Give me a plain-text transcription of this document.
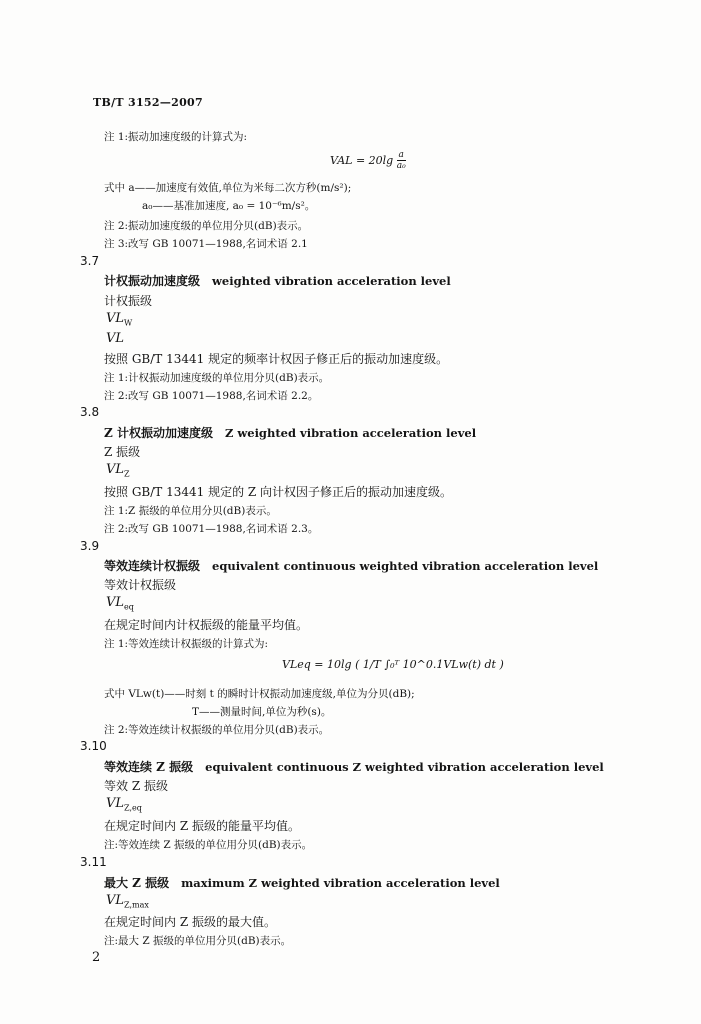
TB/T 3152—2007
注 1:振动加速度级的计算式为:
VAL = $20\lg \frac{a}{\text{a₀}}$
式中 a——加速度有效值,单位为米每二次方秒(m/s²);
a₀——基准加速度, a₀ = 10⁻⁶m/s²。
注 2:振动加速度级的单位用分贝(dB)表示。
注 3:改写 GB 10071—1988,名词术语 2.1
3.7
计权振动加速度级 weighted vibration acceleration level
计权振级
$VL_W$
VL
按照 GB/T 13441 规定的频率计权因子修正后的振动加速度级。
注 1:计权振动加速度级的单位用分贝(dB)表示。
注 2:改写 GB 10071—1988,名词术语 2.2。
3.8
Z 计权振动加速度级 Z weighted vibration acceleration level
Z 振级
$VL_Z$
按照 GB/T 13441 规定的 Z 向计权因子修正后的振动加速度级。
注 1:Z 振级的单位用分贝(dB)表示。
注 2:改写 GB 10071—1988,名词术语 2.3。
3.9
等效连续计权振级 equivalent continuous weighted vibration acceleration level
等效计权振级
$VL_{eq}$
在规定时间内计权振级的能量平均值。
注 1:等效连续计权振级的计算式为:
VLeq = 10lg ( 1/T ∫₀ᵀ 10^0.1VLw(t) dt )
式中 VLw(t)——时刻 t 的瞬时计权振动加速度级,单位为分贝(dB);
T——测量时间,单位为秒(s)。
注 2:等效连续计权振级的单位用分贝(dB)表示。
3.10
等效连续 Z 振级 equivalent continuous Z weighted vibration acceleration level
等效 Z 振级
$VL_{Z,eq}$
在规定时间内 Z 振级的能量平均值。
注:等效连续 Z 振级的单位用分贝(dB)表示。
3.11
最大 Z 振级 maximum Z weighted vibration acceleration level
$VL_{Z,max}$
在规定时间内 Z 振级的最大值。
注:最大 Z 振级的单位用分贝(dB)表示。
2
